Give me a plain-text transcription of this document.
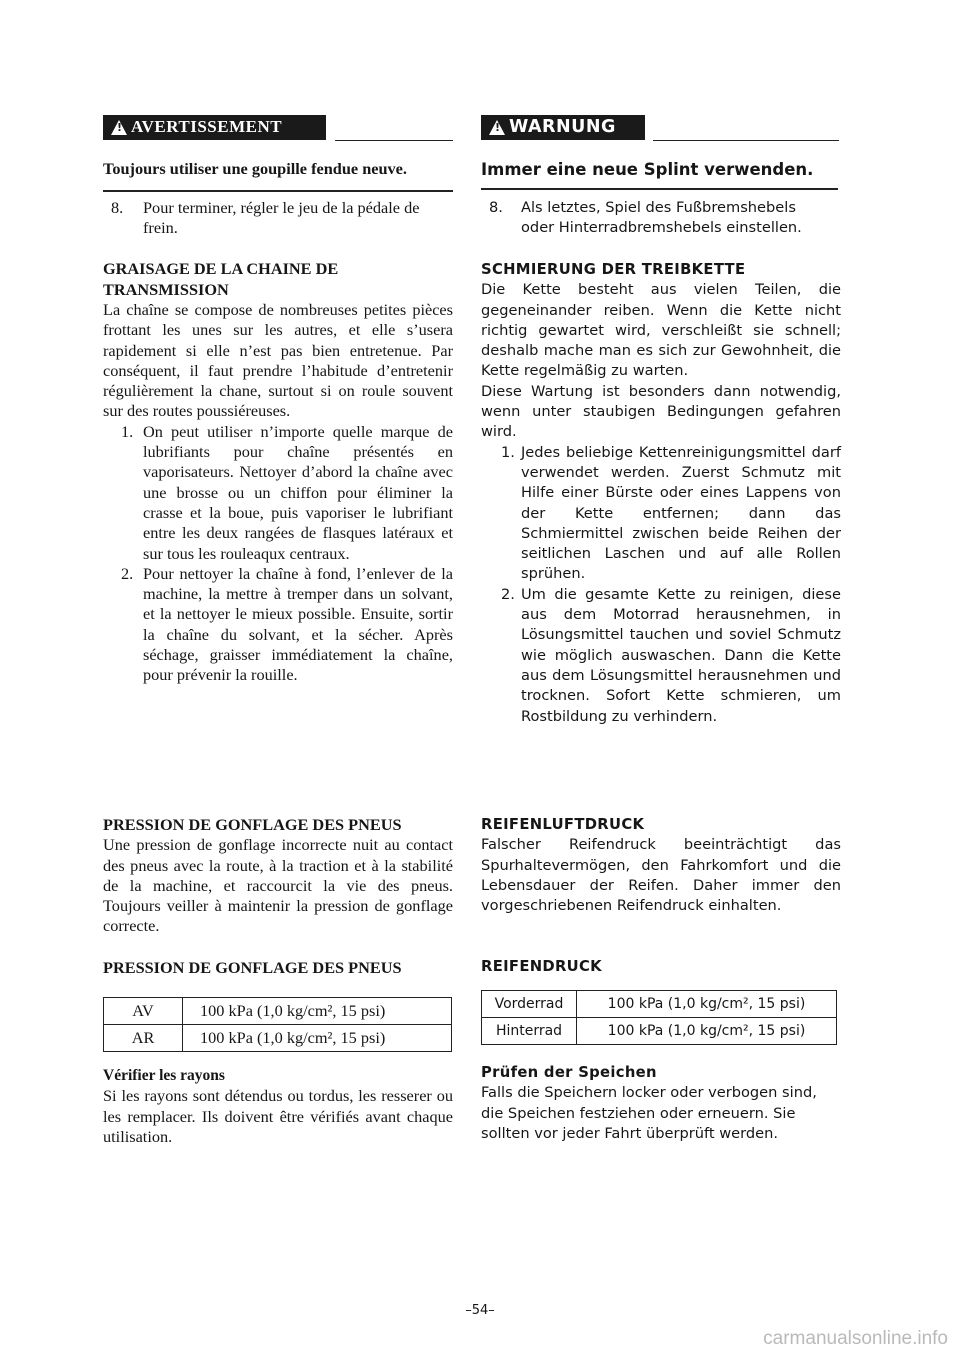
!
AVERTISSEMENT
Toujours utiliser une goupille fendue neuve.
8. Pour terminer, régler le jeu de la pédale de frein.
GRAISAGE DE LA CHAINE DE TRANSMISSION

La chaîne se compose de nombreuses petites pièces frottant les unes sur les autres, et elle s’usera rapidement si elle n’est pas bien entretenue. Par conséquent, il faut prendre l’habitude d’entretenir régulièrement la chane, surtout si on roule souvent sur des routes poussiéreuses.

1. On peut utiliser n’importe quelle marque de lubrifiants pour chaîne présentés en vaporisateurs. Nettoyer d’abord la chaîne avec une brosse ou un chiffon pour éliminer la crasse et la boue, puis vaporiser le lubrifiant entre les deux rangées de flasques latéraux et sur tous les rouleaqux centraux.
2. Pour nettoyer la chaîne à fond, l’enlever de la machine, la mettre à tremper dans un solvant, et la nettoyer le mieux possible. Ensuite, sortir la chaîne du solvant, et la sécher. Après séchage, graisser immédiatement la chaîne, pour prévenir la rouille.
PRESSION DE GONFLAGE DES PNEUS

Une pression de gonflage incorrecte nuit au contact des pneus avec la route, à la traction et à la stabilité de la machine, et raccourcit la vie des pneus. Toujours veiller à maintenir la pression de gonflage correcte.

PRESSION DE GONFLAGE DES PNEUS
AV	100 kPa (1,0 kg/cm², 15 psi)
AR	100 kPa (1,0 kg/cm², 15 psi)
Vérifier les rayons

Si les rayons sont détendus ou tordus, les resserer ou les remplacer. Ils doivent être vérifiés avant chaque utilisation.

!
WARNUNG
Immer eine neue Splint verwenden.
8. Als letztes, Spiel des Fußbremshebels oder Hinterradbremshebels einstellen.
SCHMIERUNG DER TREIBKETTE

Die Kette besteht aus vielen Teilen, die gegeneinander reiben. Wenn die Kette nicht richtig gewartet wird, verschleißt sie schnell; deshalb mache man es sich zur Gewohnheit, die Kette regelmäßig zu warten.

Diese Wartung ist besonders dann notwendig, wenn unter staubigen Bedingungen gefahren wird.

1. Jedes beliebige Kettenreinigungsmittel darf verwendet werden. Zuerst Schmutz mit Hilfe einer Bürste oder eines Lappens von der Kette entfernen; dann das Schmiermittel zwischen beide Reihen der seitlichen Laschen und auf alle Rollen sprühen.
2. Um die gesamte Kette zu reinigen, diese aus dem Motorrad herausnehmen, in Lösungsmittel tauchen und soviel Schmutz wie möglich auswaschen. Dann die Kette aus dem Lösungsmittel herausnehmen und trocknen. Sofort Kette schmieren, um Rostbildung zu verhindern.
REIFENLUFTDRUCK

Falscher Reifendruck beeinträchtigt das Spurhaltevermögen, den Fahrkomfort und die Lebensdauer der Reifen. Daher immer den vorgeschriebenen Reifendruck einhalten.

REIFENDRUCK
Vorderrad	100 kPa (1,0 kg/cm², 15 psi)
Hinterrad	100 kPa (1,0 kg/cm², 15 psi)
Prüfen der Speichen

Falls die Speichern locker oder verbogen sind, die Speichen festziehen oder erneuern. Sie sollten vor jeder Fahrt überprüft werden.

–54–
carmanualsonline.info
